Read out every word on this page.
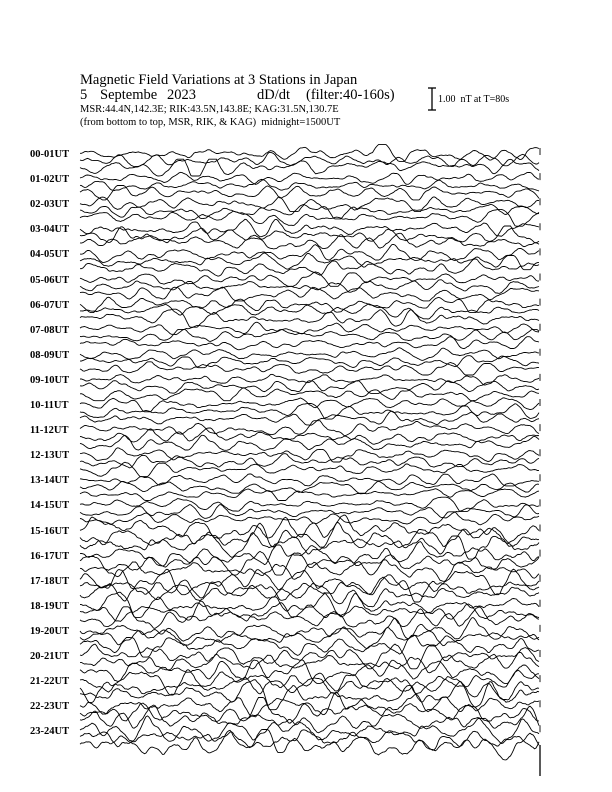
Magnetic Field Variations at 3 Stations in Japan

5

Septembe

2023

	dD/dt

(filter:40-160s)

MSR:44.4N,142.3E; RIK:43.5N,143.8E; KAG:31.5N,130.7E
(from bottom to top, MSR, RIK, & KAG) midnight=1500UT
1.00  nT at T=80s
00-01UT
01-02UT
02-03UT
03-04UT
04-05UT
05-06UT
06-07UT
07-08UT
08-09UT
09-10UT
10-11UT
11-12UT
12-13UT
13-14UT
14-15UT
15-16UT
16-17UT
17-18UT
18-19UT
19-20UT
20-21UT
21-22UT
22-23UT
23-24UT
